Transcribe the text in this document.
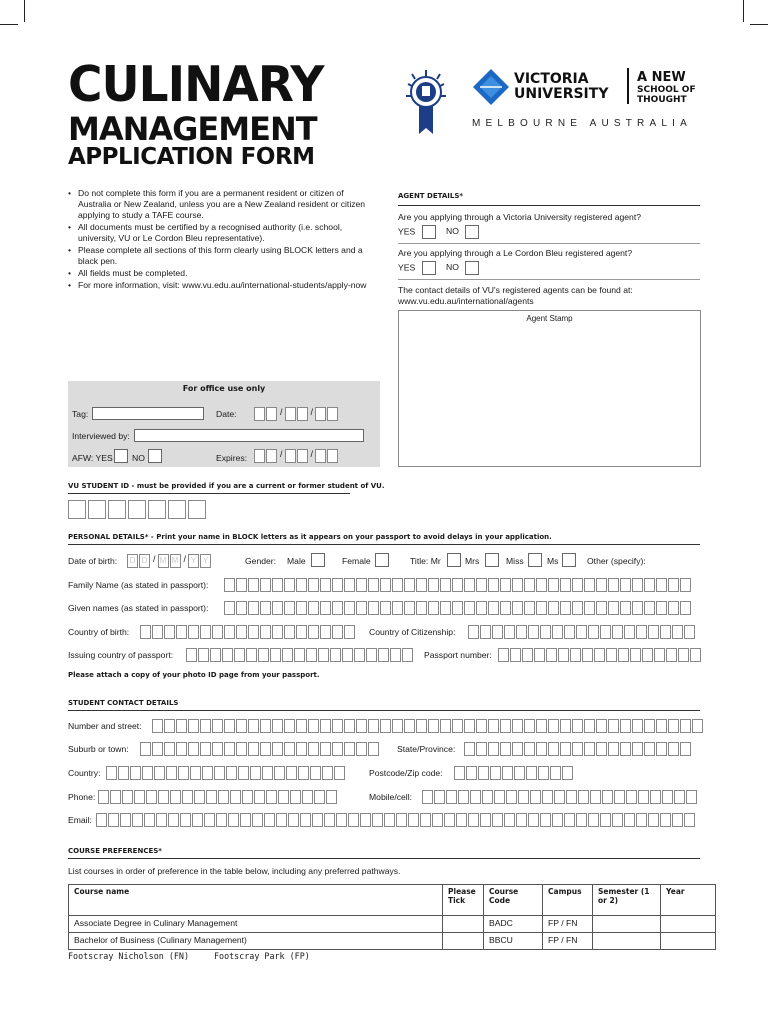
CULINARY
MANAGEMENT
APPLICATION FORM
VICTORIA
UNIVERSITY
A NEW
SCHOOL OF
THOUGHT
MELBOURNE AUSTRALIA
• Do not complete this form if you are a permanent resident or citizen of Australia or New Zealand, unless you are a New Zealand resident or citizen applying to study a TAFE course.
• All documents must be certified by a recognised authority (i.e. school, university, VU or Le Cordon Bleu representative).
• Please complete all sections of this form clearly using BLOCK letters and a black pen.
• All fields must be completed.
• For more information, visit: www.vu.edu.au/international-students/apply-now
AGENT DETAILS*
Are you applying through a Victoria University registered agent?
YES	NO
Are you applying through a Le Cordon Bleu registered agent?
YES	NO
The contact details of VU's registered agents can be found at: www.vu.edu.au/international/agents
Agent Stamp
For office use only
Tag:	Date:	/	/
Interviewed by:
AFW: YES NO	Expires:	/	/
VU STUDENT ID - must be provided if you are a current or former student of VU.
PERSONAL DETAILS* - Print your name in BLOCK letters as it appears on your passport to avoid delays in your application.
Date of birth:	D D / M M / Y Y	Gender: Male	Female	Title: Mr	Mrs	Miss	Ms	Other (specify):
Family Name (as stated in passport):
Given names (as stated in passport):
Country of birth:	Country of Citizenship:
Issuing country of passport:	Passport number:
Please attach a copy of your photo ID page from your passport.
STUDENT CONTACT DETAILS
Number and street:
Suburb or town:	State/Province:
Country:	Postcode/Zip code:
Phone:	Mobile/cell:
Email:
COURSE PREFERENCES*
List courses in order of preference in the table below, including any preferred pathways.
Course name	Please Tick	Course Code	Campus	Semester (1 or 2)	Year
Associate Degree in Culinary Management		BADC	FP / FN		
Bachelor of Business (Culinary Management)		BBCU	FP / FN		
Footscray Nicholson (FN)	Footscray Park (FP)
